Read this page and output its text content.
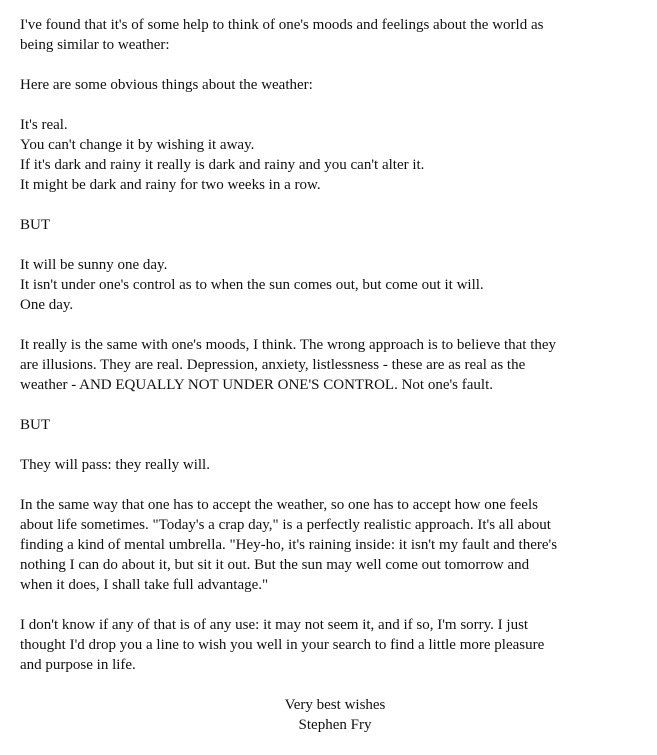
I've found that it's of some help to think of one's moods and feelings about the world as
being similar to weather:
Here are some obvious things about the weather:
It's real.
You can't change it by wishing it away.
If it's dark and rainy it really is dark and rainy and you can't alter it.
It might be dark and rainy for two weeks in a row.
BUT
It will be sunny one day.
It isn't under one's control as to when the sun comes out, but come out it will.
One day.
It really is the same with one's moods, I think. The wrong approach is to believe that they
are illusions. They are real. Depression, anxiety, listlessness - these are as real as the
weather - AND EQUALLY NOT UNDER ONE'S CONTROL. Not one's fault.
BUT
They will pass: they really will.
In the same way that one has to accept the weather, so one has to accept how one feels
about life sometimes. "Today's a crap day," is a perfectly realistic approach. It's all about
finding a kind of mental umbrella. "Hey-ho, it's raining inside: it isn't my fault and there's
nothing I can do about it, but sit it out. But the sun may well come out tomorrow and
when it does, I shall take full advantage."
I don't know if any of that is of any use: it may not seem it, and if so, I'm sorry. I just
thought I'd drop you a line to wish you well in your search to find a little more pleasure
and purpose in life.
Very best wishes
Stephen Fry
